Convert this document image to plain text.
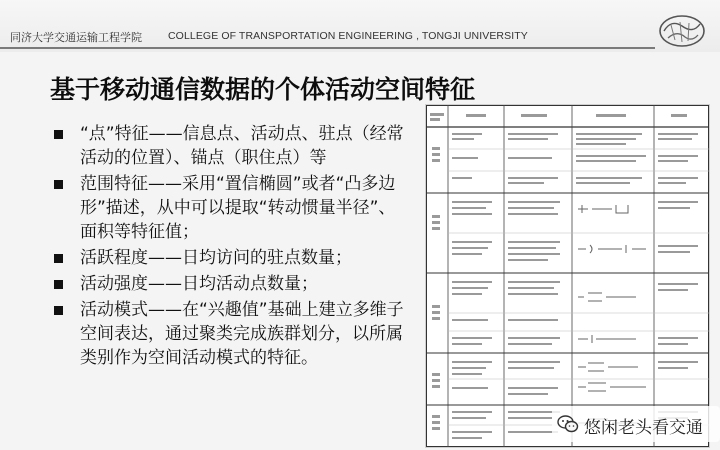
同济大学交通运输工程学院 COLLEGE OF TRANSPORTATION ENGINEERING , TONGJI UNIVERSITY
基于移动通信数据的个体活动空间特征
“点”特征——信息点、活动点、驻点（经常活动的位置）、锚点（职住点）等
范围特征——采用“置信椭圆”或者“凸多边形”描述，从中可以提取“转动惯量半径”、面积等特征值；
活跃程度——日均访问的驻点数量；
活动强度——日均活动点数量；
活动模式——在“兴趣值”基础上建立多维子空间表达，通过聚类完成族群划分，以所属类别作为空间活动模式的特征。
悠闲老头看交通
